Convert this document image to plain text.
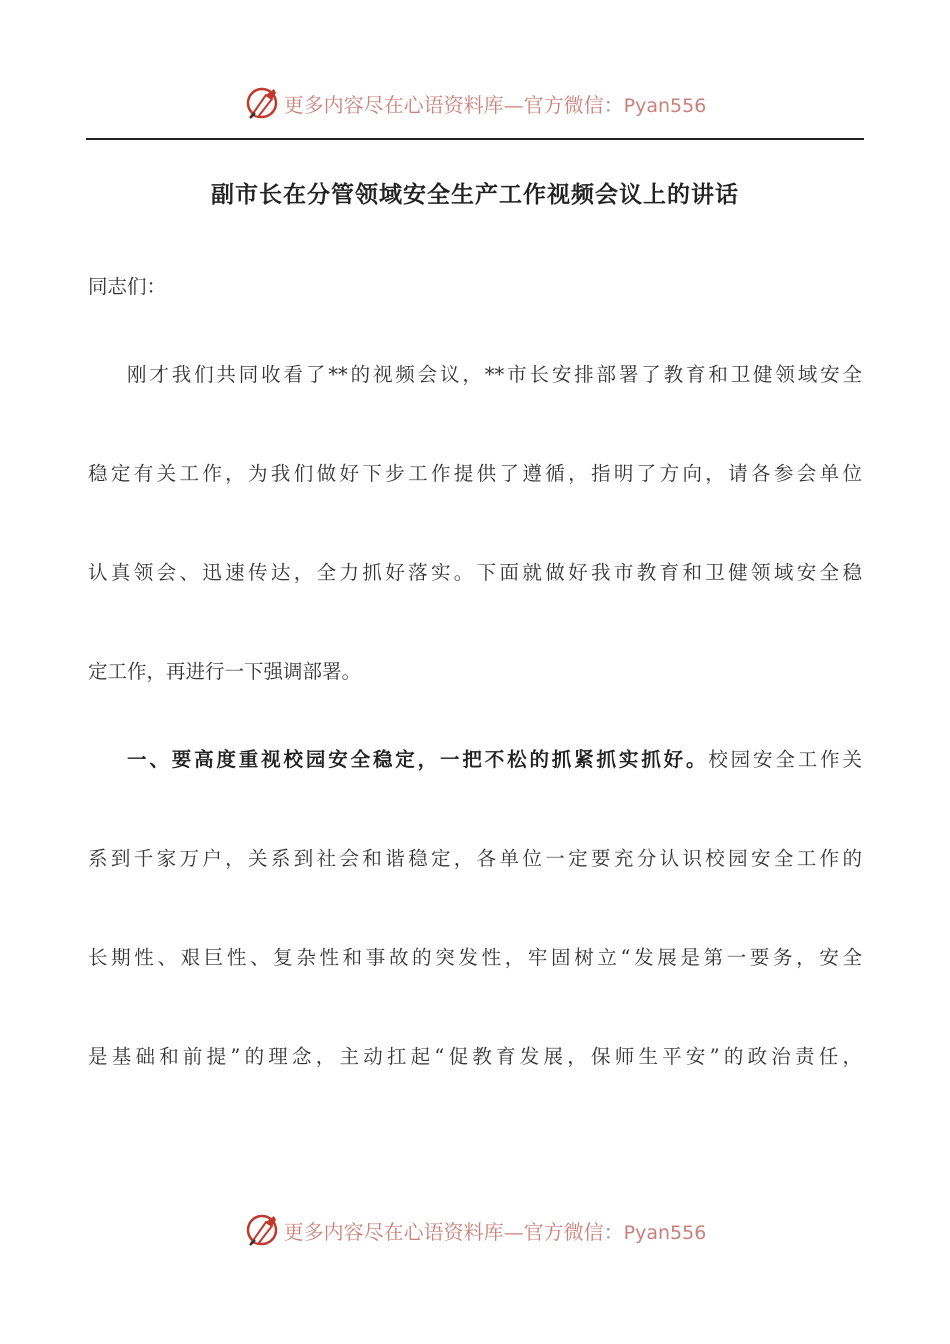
更多内容尽在心语资料库—官方微信：Pyan556
副市长在分管领域安全生产工作视频会议上的讲话
同志们：
刚才我们共同收看了**的视频会议，**市长安排部署了教育和卫健领域安全
稳定有关工作，为我们做好下步工作提供了遵循，指明了方向，请各参会单位
认真领会、迅速传达，全力抓好落实。下面就做好我市教育和卫健领域安全稳
定工作，再进行一下强调部署。
一、要高度重视校园安全稳定，一把不松的抓紧抓实抓好。校园安全工作关
系到千家万户，关系到社会和谐稳定，各单位一定要充分认识校园安全工作的
长期性、艰巨性、复杂性和事故的突发性，牢固树立“发展是第一要务，安全
是基础和前提”的理念，主动扛起“促教育发展，保师生平安”的政治责任，
更多内容尽在心语资料库—官方微信：Pyan556
